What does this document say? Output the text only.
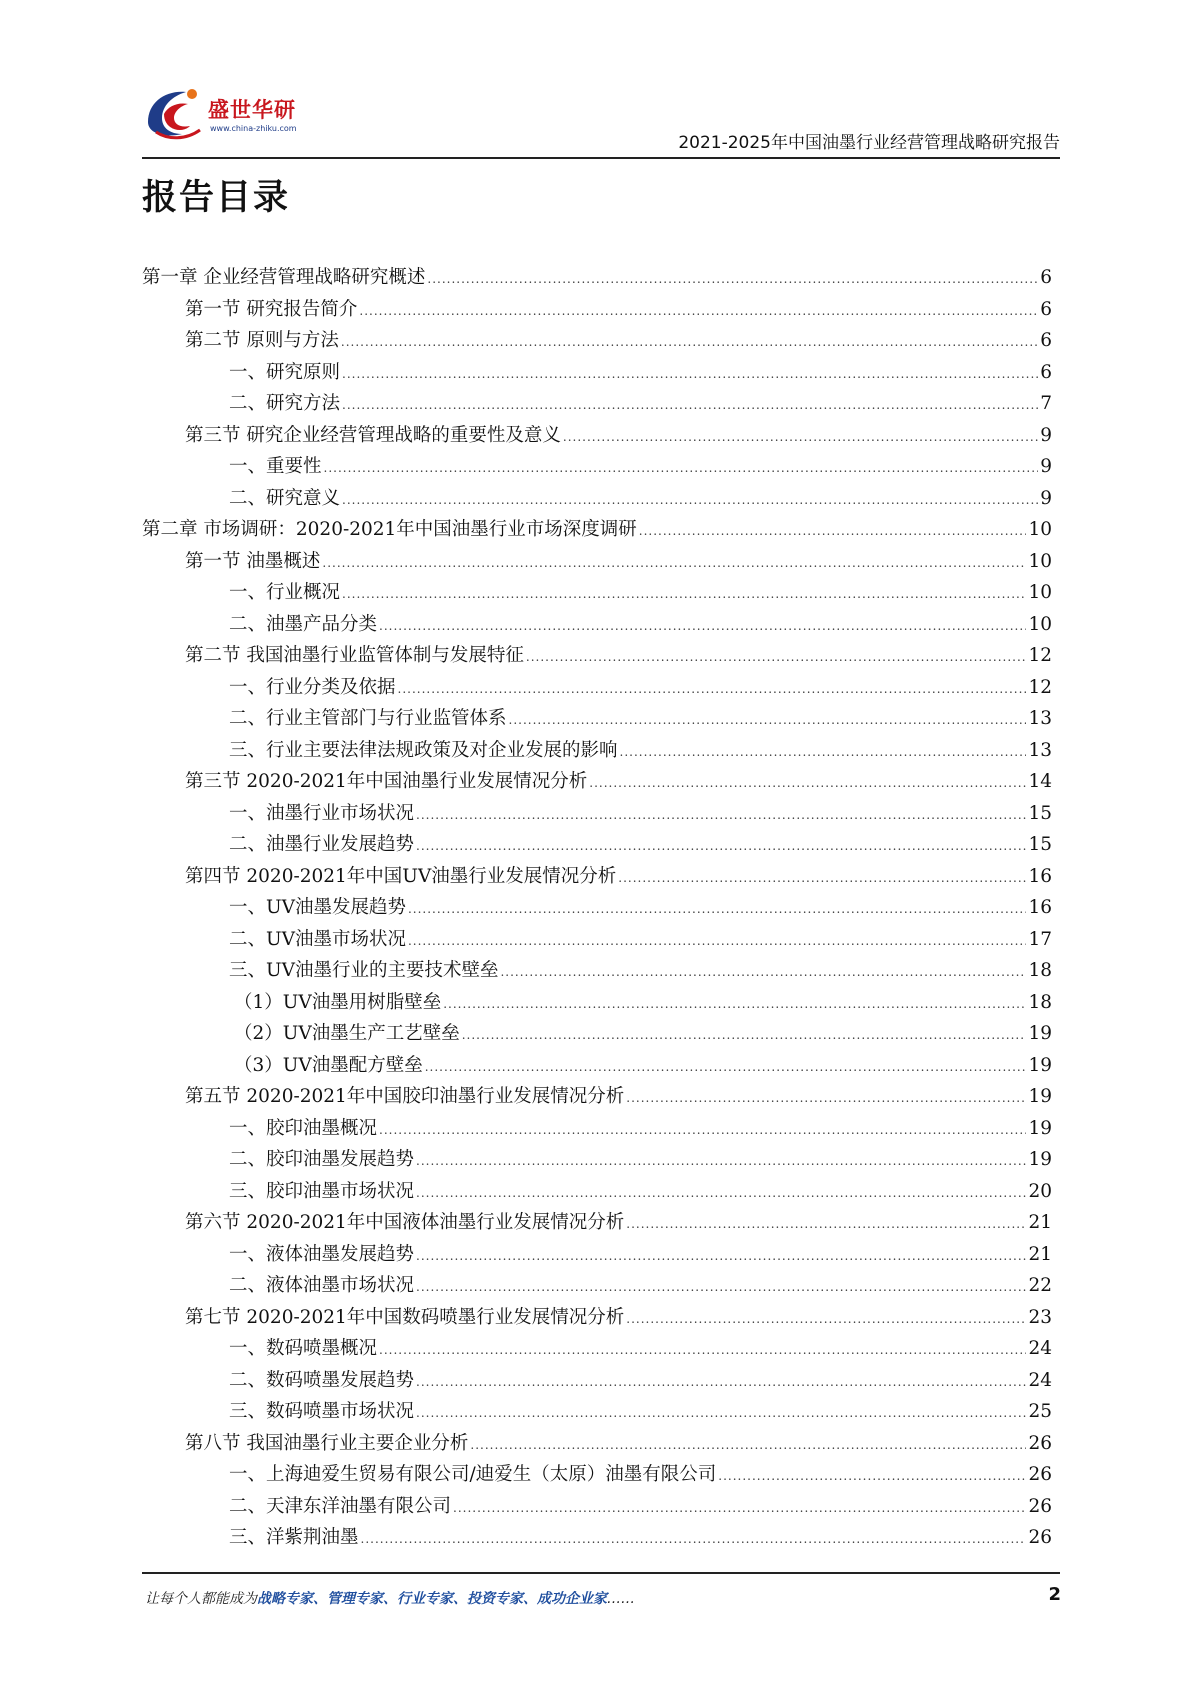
盛世华研
www.china-zhiku.com
2021-2025年中国油墨行业经营管理战略研究报告
报告目录
第一章 企业经营管理战略研究概述 .....	6
第一节 研究报告简介 .....	6
第二节 原则与方法 .....	6
一、研究原则 .....	6
二、研究方法 .....	7
第三节 研究企业经营管理战略的重要性及意义 .....	9
一、重要性 .....	9
二、研究意义 .....	9
第二章 市场调研：2020-2021年中国油墨行业市场深度调研 .....	10
第一节 油墨概述 .....	10
一、行业概况 .....	10
二、油墨产品分类 .....	10
第二节 我国油墨行业监管体制与发展特征 .....	12
一、行业分类及依据 .....	12
二、行业主管部门与行业监管体系 .....	13
三、行业主要法律法规政策及对企业发展的影响 .....	13
第三节 2020-2021年中国油墨行业发展情况分析 .....	14
一、油墨行业市场状况 .....	15
二、油墨行业发展趋势 .....	15
第四节 2020-2021年中国UV油墨行业发展情况分析 .....	16
一、UV油墨发展趋势 .....	16
二、UV油墨市场状况 .....	17
三、UV油墨行业的主要技术壁垒 .....	18
（1）UV油墨用树脂壁垒 .....	18
（2）UV油墨生产工艺壁垒 .....	19
（3）UV油墨配方壁垒 .....	19
第五节 2020-2021年中国胶印油墨行业发展情况分析 .....	19
一、胶印油墨概况 .....	19
二、胶印油墨发展趋势 .....	19
三、胶印油墨市场状况 .....	20
第六节 2020-2021年中国液体油墨行业发展情况分析 .....	21
一、液体油墨发展趋势 .....	21
二、液体油墨市场状况 .....	22
第七节 2020-2021年中国数码喷墨行业发展情况分析 .....	23
一、数码喷墨概况 .....	24
二、数码喷墨发展趋势 .....	24
三、数码喷墨市场状况 .....	25
第八节 我国油墨行业主要企业分析 .....	26
一、上海迪爱生贸易有限公司/迪爱生（太原）油墨有限公司 .....	26
二、天津东洋油墨有限公司 .....	26
三、洋紫荆油墨 .....	26
让每个人都能成为战略专家、管理专家、行业专家、投资专家、成功企业家……	2
